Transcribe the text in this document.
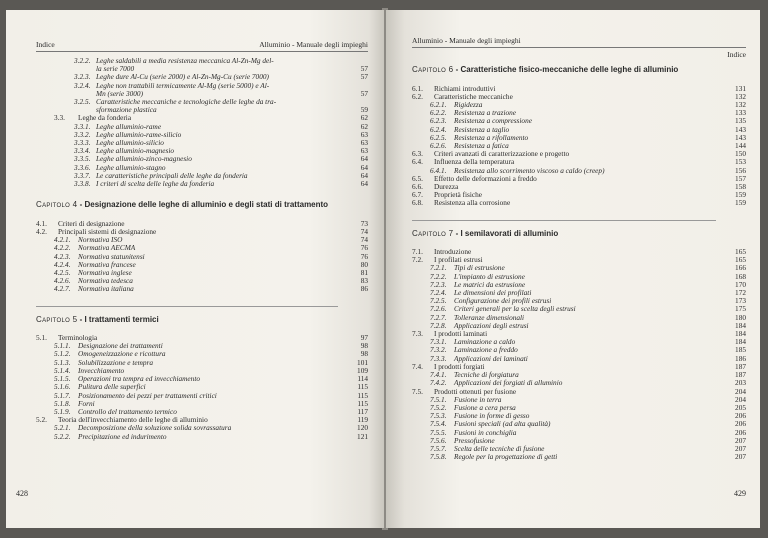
Indice	Alluminio - Manuale degli impieghi
3.2.2. Leghe saldabili a media resistenza meccanica Al-Zn-Mg del-
la serie 7000	57
3.2.3. Leghe dure Al-Cu (serie 2000) e Al-Zn-Mg-Cu (serie 7000)	57
3.2.4. Leghe non trattabili termicamente Al-Mg (serie 5000) e Al-
Mn (serie 3000)	57
3.2.5. Caratteristiche meccaniche e tecnologiche delle leghe da tra-
sformazione plastica	59
3.3.	Leghe da fonderia	62
3.3.1. Leghe alluminio-rame	62
3.3.2. Leghe alluminio-rame-silicio	63
3.3.3. Leghe alluminio-silicio	63
3.3.4. Leghe alluminio-magnesio	63
3.3.5. Leghe alluminio-zinco-magnesio	64
3.3.6. Leghe alluminio-stagno	64
3.3.7. Le caratteristiche principali delle leghe da fonderia	64
3.3.8. I criteri di scelta delle leghe da fonderia	64
Capitolo 4 - Designazione delle leghe di alluminio e degli stati di trattamento
4.1.	Criteri di designazione	73
4.2.	Principali sistemi di designazione	74
4.2.1.	Normativa ISO	74
4.2.2.	Normativa AECMA	76
4.2.3.	Normativa statunitensi	76
4.2.4.	Normativa francese	80
4.2.5.	Normativa inglese	81
4.2.6.	Normativa tedesca	83
4.2.7.	Normativa italiana	86
Capitolo 5 - I trattamenti termici
5.1.	Terminologia	97
5.1.1.	Designazione dei trattamenti	98
5.1.2.	Omogeneizzazione e ricottura	98
5.1.3.	Solubilizzazione e tempra	101
5.1.4.	Invecchiamento	109
5.1.5.	Operazioni tra tempra ed invecchiamento	114
5.1.6.	Pulitura delle superfici	115
5.1.7.	Posizionamento dei pezzi per trattamenti critici	115
5.1.8.	Forni	115
5.1.9.	Controllo del trattamento termico	117
5.2.	Teoria dell'invecchiamento delle leghe di alluminio	119
5.2.1.	Decomposizione della soluzione solida sovrassatura	120
5.2.2.	Precipitazione ed indurimento	121
428
Alluminio - Manuale degli impieghi
Indice
Capitolo 6 - Caratteristiche fisico-meccaniche delle leghe di alluminio
6.1.	Richiami introduttivi	131
6.2.	Caratteristiche meccaniche	132
6.2.1.	Rigidezza	132
6.2.2.	Resistenza a trazione	133
6.2.3.	Resistenza a compressione	135
6.2.4.	Resistenza a taglio	143
6.2.5.	Resistenza a rifollamento	143
6.2.6.	Resistenza a fatica	144
6.3.	Criteri avanzati di caratterizzazione e progetto	150
6.4.	Influenza della temperatura	153
6.4.1.	Resistenza allo scorrimento viscoso a caldo (creep)	156
6.5.	Effetto delle deformazioni a freddo	157
6.6.	Durezza	158
6.7.	Proprietà fisiche	159
6.8.	Resistenza alla corrosione	159
Capitolo 7 - I semilavorati di alluminio
7.1.	Introduzione	165
7.2.	I profilati estrusi	165
7.2.1.	Tipi di estrusione	166
7.2.2.	L'impianto di estrusione	168
7.2.3.	Le matrici da estrusione	170
7.2.4.	Le dimensioni dei profilati	172
7.2.5.	Configurazione dei profili estrusi	173
7.2.6.	Criteri generali per la scelta degli estrusi	175
7.2.7.	Tolleranze dimensionali	180
7.2.8.	Applicazioni degli estrusi	184
7.3.	I prodotti laminati	184
7.3.1.	Laminazione a caldo	184
7.3.2.	Laminazione a freddo	185
7.3.3.	Applicazioni dei laminati	186
7.4.	I prodotti forgiati	187
7.4.1.	Tecniche di forgiatura	187
7.4.2.	Applicazioni dei forgiati di alluminio	203
7.5.	Prodotti ottenuti per fusione	204
7.5.1.	Fusione in terra	204
7.5.2.	Fusione a cera persa	205
7.5.3.	Fusione in forme di gesso	206
7.5.4.	Fusioni speciali (ad alta qualità)	206
7.5.5.	Fusioni in conchiglia	206
7.5.6.	Pressofusione	207
7.5.7.	Scelta delle tecniche di fusione	207
7.5.8.	Regole per la progettazione di getti	207
429
